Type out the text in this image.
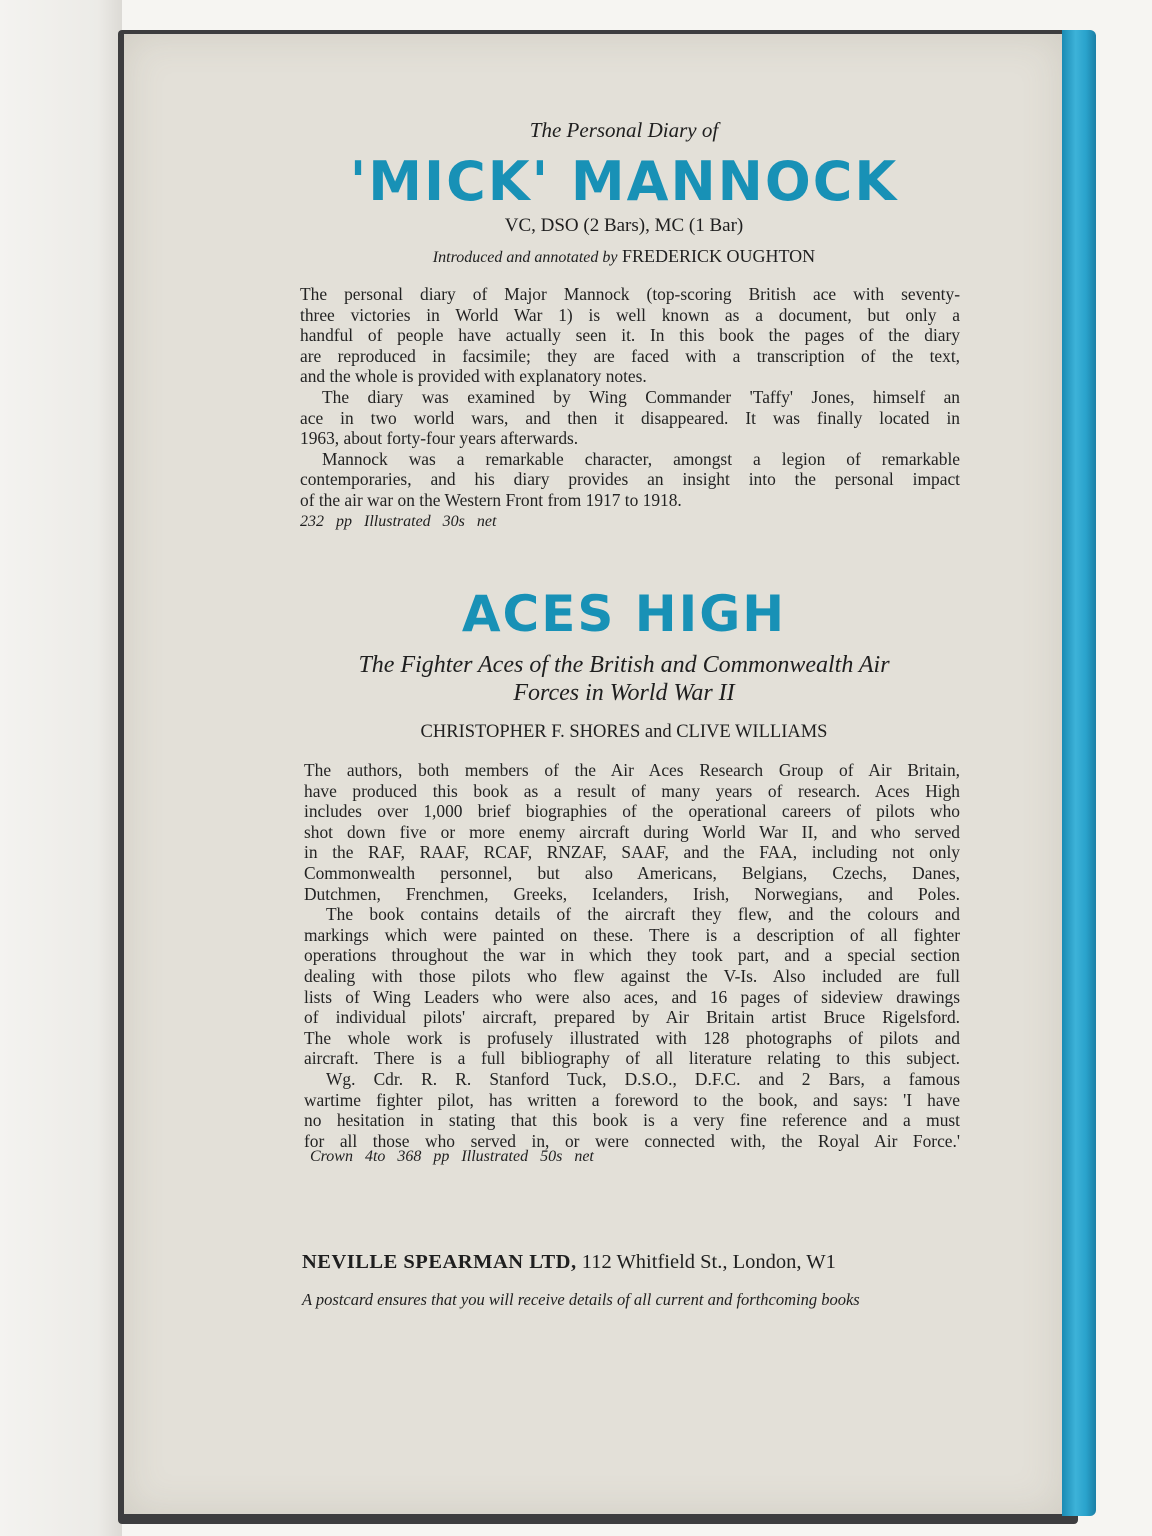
The Personal Diary of
'MICK' MANNOCK
VC, DSO (2 Bars), MC (1 Bar)
Introduced and annotated by FREDERICK OUGHTON
The personal diary of Major Mannock (top-scoring British ace with seventy-
three victories in World War 1) is well known as a document, but only a
handful of people have actually seen it. In this book the pages of the diary
are reproduced in facsimile; they are faced with a transcription of the text,
and the whole is provided with explanatory notes.
The diary was examined by Wing Commander 'Taffy' Jones, himself an
ace in two world wars, and then it disappeared. It was finally located in
1963, about forty-four years afterwards.
Mannock was a remarkable character, amongst a legion of remarkable
contemporaries, and his diary provides an insight into the personal impact
of the air war on the Western Front from 1917 to 1918.
232 pp Illustrated 30s net
ACES HIGH
The Fighter Aces of the British and Commonwealth Air
Forces in World War II
CHRISTOPHER F. SHORES and CLIVE WILLIAMS
The authors, both members of the Air Aces Research Group of Air Britain,
have produced this book as a result of many years of research. Aces High
includes over 1,000 brief biographies of the operational careers of pilots who
shot down five or more enemy aircraft during World War II, and who served
in the RAF, RAAF, RCAF, RNZAF, SAAF, and the FAA, including not only
Commonwealth personnel, but also Americans, Belgians, Czechs, Danes,
Dutchmen, Frenchmen, Greeks, Icelanders, Irish, Norwegians, and Poles.
The book contains details of the aircraft they flew, and the colours and
markings which were painted on these. There is a description of all fighter
operations throughout the war in which they took part, and a special section
dealing with those pilots who flew against the V-Is. Also included are full
lists of Wing Leaders who were also aces, and 16 pages of sideview drawings
of individual pilots' aircraft, prepared by Air Britain artist Bruce Rigelsford.
The whole work is profusely illustrated with 128 photographs of pilots and
aircraft. There is a full bibliography of all literature relating to this subject.
Wg. Cdr. R. R. Stanford Tuck, D.S.O., D.F.C. and 2 Bars, a famous
wartime fighter pilot, has written a foreword to the book, and says: 'I have
no hesitation in stating that this book is a very fine reference and a must
for all those who served in, or were connected with, the Royal Air Force.'
Crown 4to 368 pp Illustrated 50s net
NEVILLE SPEARMAN LTD, 112 Whitfield St., London, W1
A postcard ensures that you will receive details of all current and forthcoming books
